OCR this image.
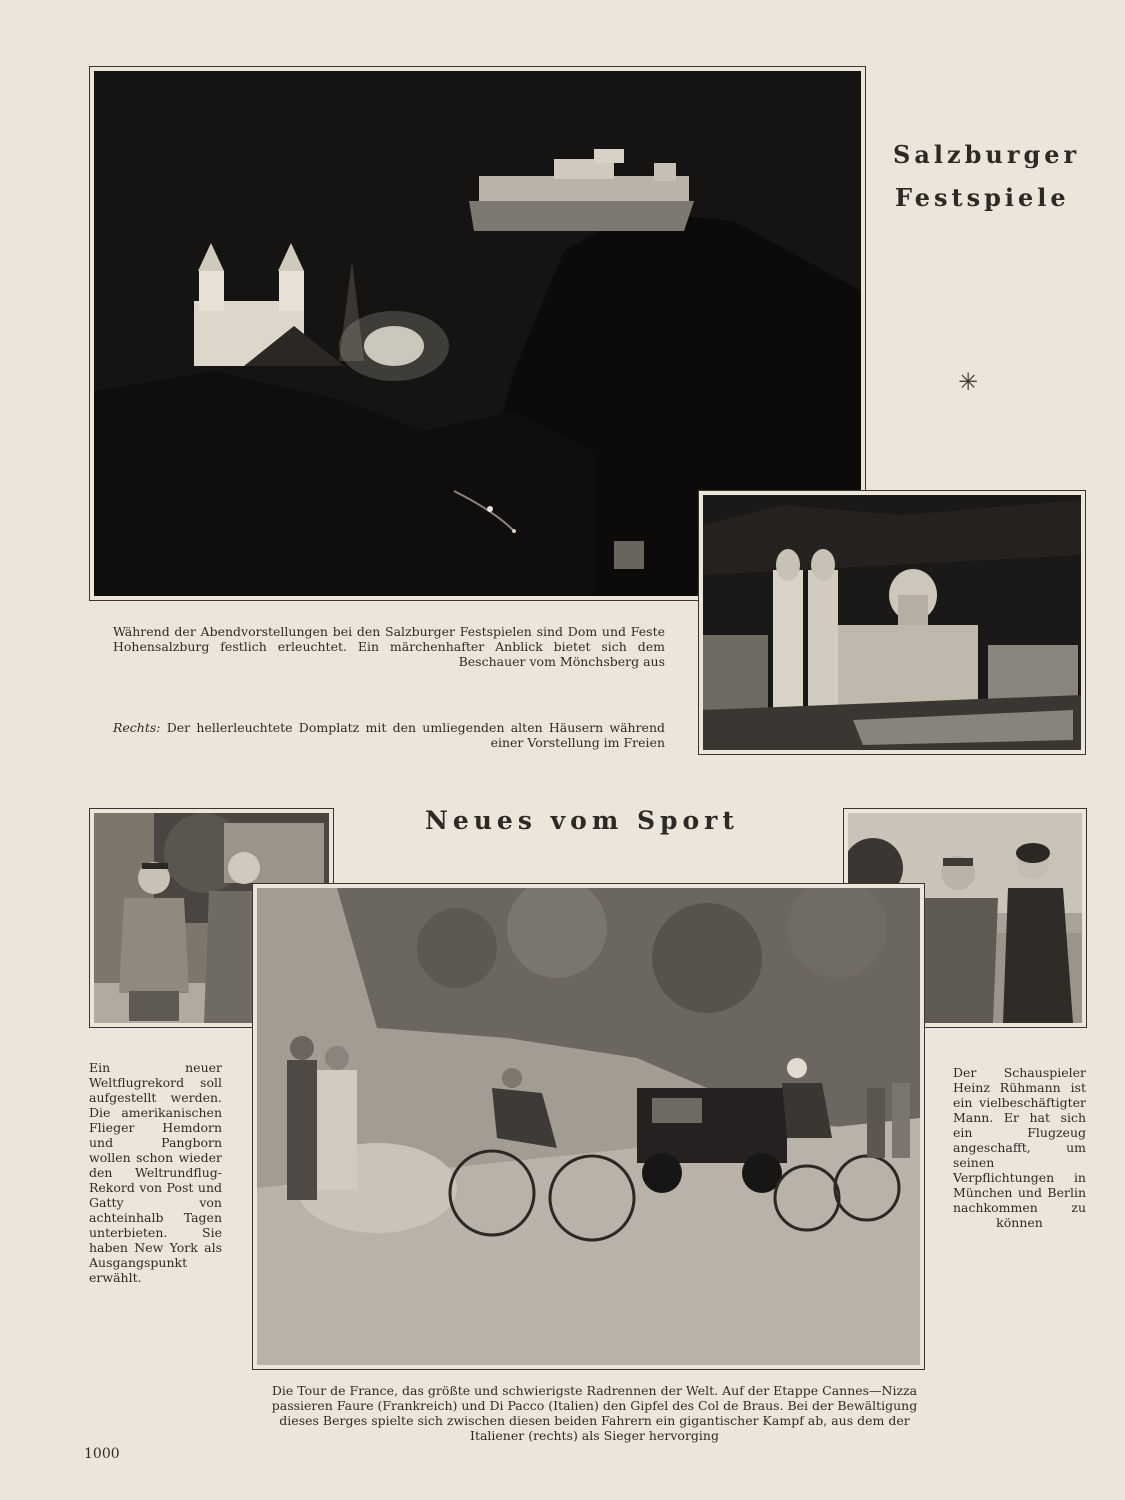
Salzburger
Festspiele
✳

Während der Abendvorstellungen bei den Salzburger Festspielen sind Dom und Feste Hohensalzburg festlich erleuchtet. Ein märchenhafter Anblick bietet sich dem Beschauer vom Mönchsberg aus

Rechts: Der hellerleuchtete Domplatz mit den umliegenden alten Häusern während einer Vorstellung im Freien

Neues vom Sport

Ein neuer Weltflugrekord soll aufgestellt werden. Die amerikanischen Flieger Hemdorn und Pangborn wollen schon wieder den Weltrundflug-Rekord von Post und Gatty von achteinhalb Tagen unterbieten. Sie haben New York als Ausgangspunkt erwählt.

Der Schauspieler Heinz Rühmann ist ein vielbeschäftigter Mann. Er hat sich ein Flugzeug angeschafft, um seinen Verpflichtungen in München und Berlin nachkommen zu können

Die Tour de France, das größte und schwierigste Radrennen der Welt. Auf der Etappe Cannes—Nizza passieren Faure (Frankreich) und Di Pacco (Italien) den Gipfel des Col de Braus. Bei der Bewältigung dieses Berges spielte sich zwischen diesen beiden Fahrern ein gigantischer Kampf ab, aus dem der Italiener (rechts) als Sieger hervorging

1000
